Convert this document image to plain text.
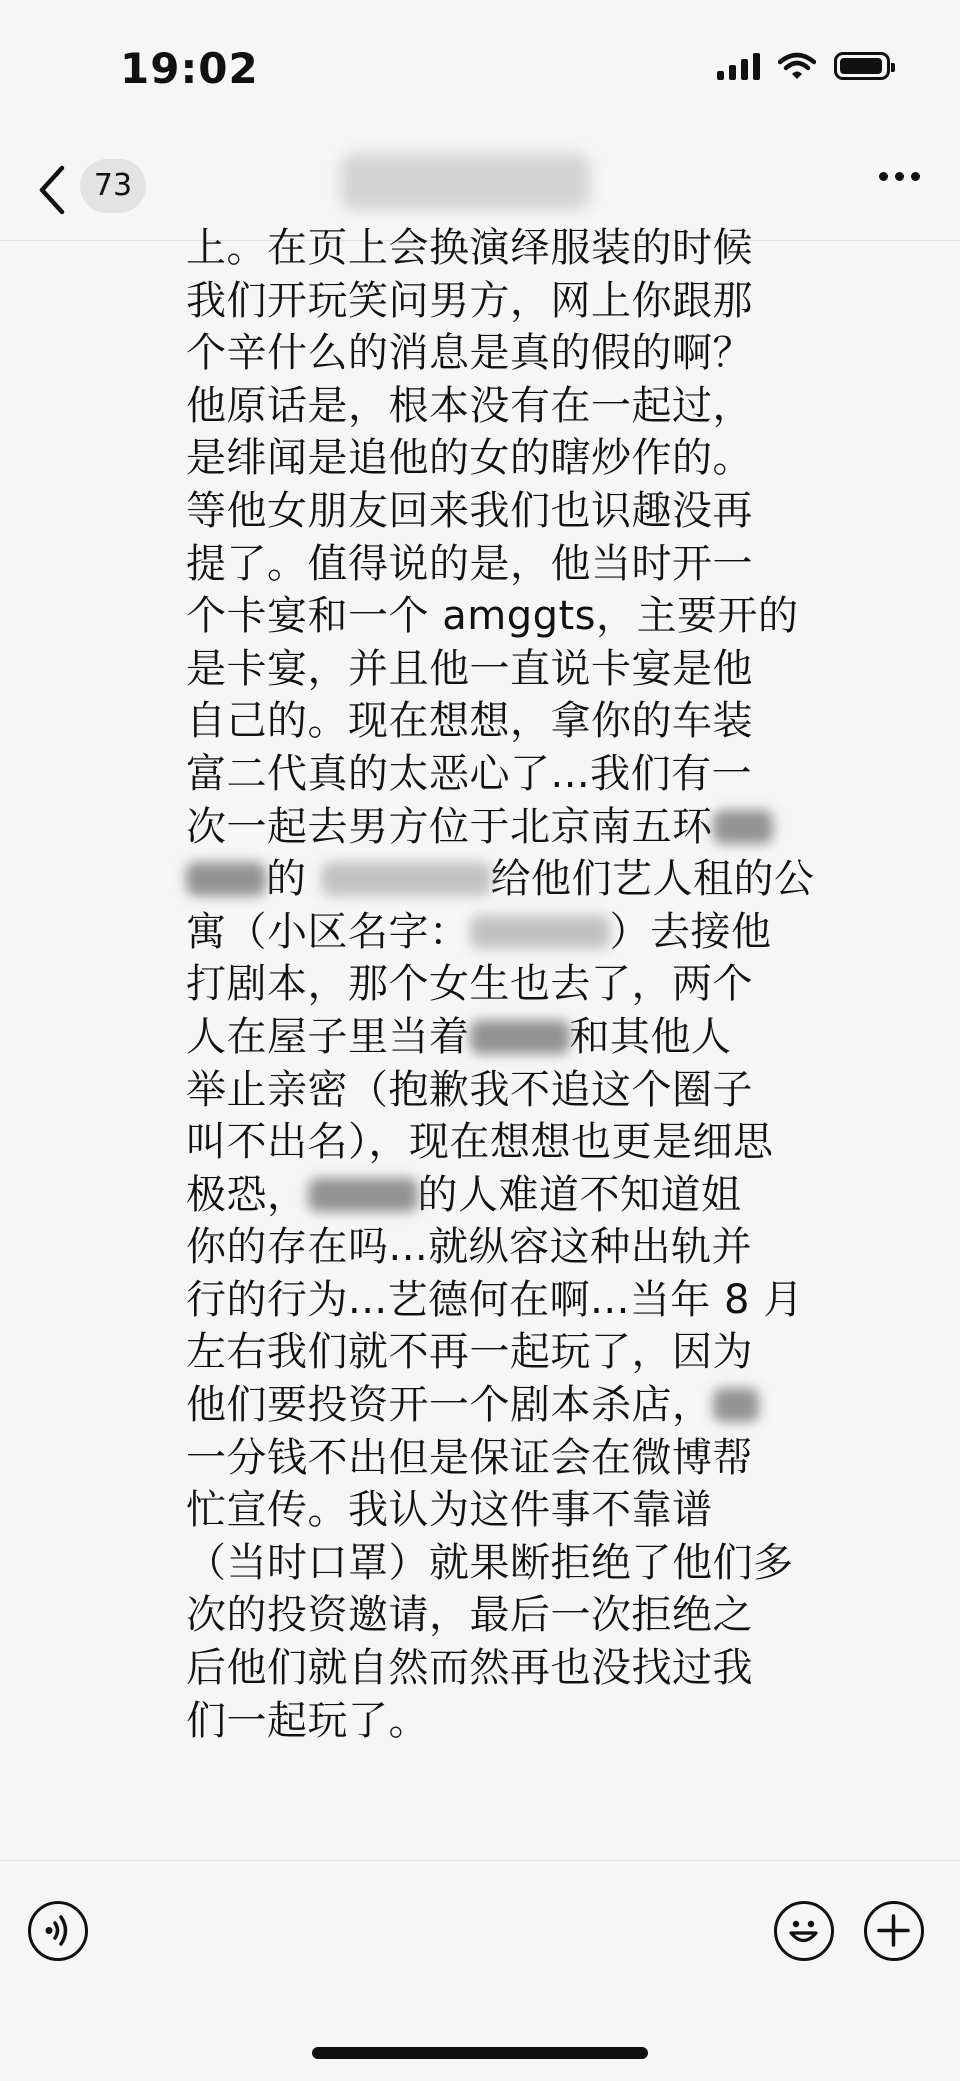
19:02
73
上。在页上会换演绎服装的时候
我们开玩笑问男方，网上你跟那
个辛什么的消息是真的假的啊？
他原话是，根本没有在一起过，
是绯闻是追他的女的瞎炒作的。
等他女朋友回来我们也识趣没再
提了。值得说的是，他当时开一
个卡宴和一个 amggts，主要开的
是卡宴，并且他一直说卡宴是他
自己的。现在想想，拿你的车装
富二代真的太恶心了...我们有一
次一起去男方位于北京南五环
的	给他们艺人租的公
寓（小区名字：	）去接他
打剧本，那个女生也去了，两个
人在屋子里当着	和其他人
举止亲密（抱歉我不追这个圈子
叫不出名），现在想想也更是细思
极恐，	的人难道不知道姐
你的存在吗...就纵容这种出轨并
行的行为...艺德何在啊...当年 8 月
左右我们就不再一起玩了，因为
他们要投资开一个剧本杀店，
一分钱不出但是保证会在微博帮
忙宣传。我认为这件事不靠谱
（当时口罩）就果断拒绝了他们多
次的投资邀请，最后一次拒绝之
后他们就自然而然再也没找过我
们一起玩了。
